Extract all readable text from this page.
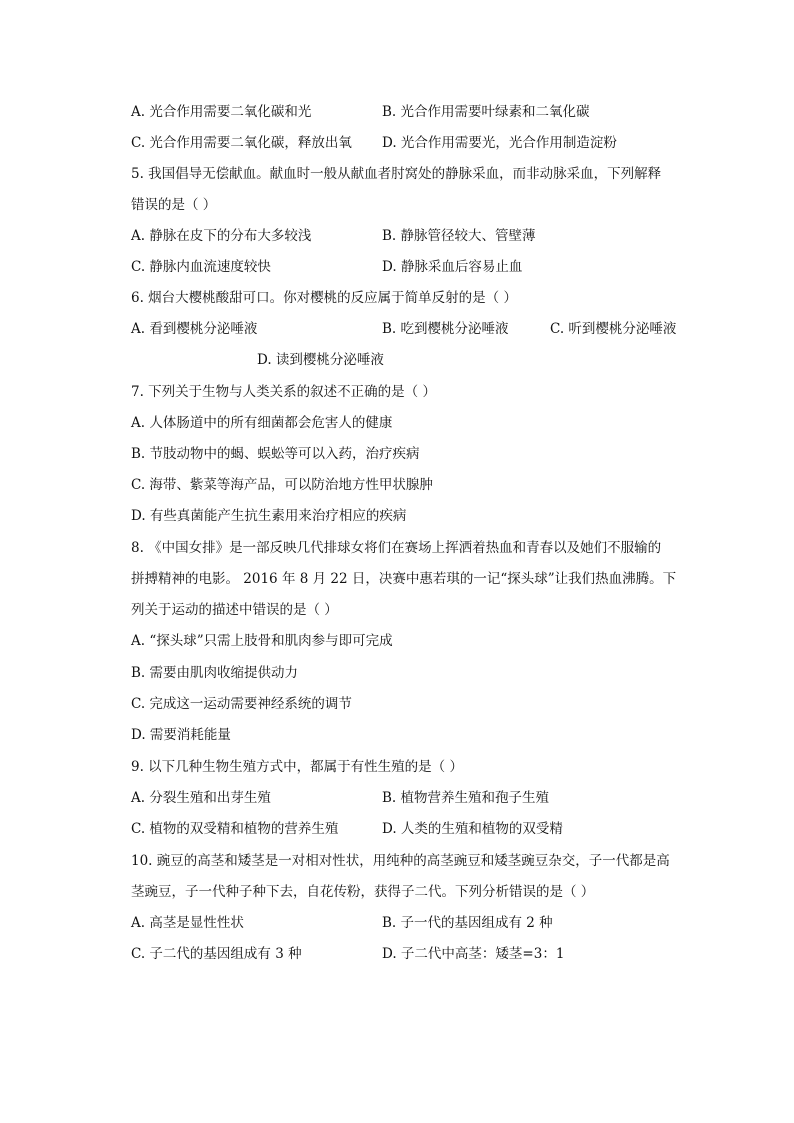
A. 光合作用需要二氧化碳和光	B. 光合作用需要叶绿素和二氧化碳
C. 光合作用需要二氧化碳，释放出氧 D. 光合作用需要光，光合作用制造淀粉
5. 我国倡导无偿献血。献血时一般从献血者肘窝处的静脉采血，而非动脉采血，下列解释
错误的是（ ）
A. 静脉在皮下的分布大多较浅	B. 静脉管径较大、管壁薄
C. 静脉内血流速度较快	D. 静脉采血后容易止血
6. 烟台大樱桃酸甜可口。你对樱桃的反应属于简单反射的是（ ）
A. 看到樱桃分泌唾液	B. 吃到樱桃分泌唾液	C. 听到樱桃分泌唾液
D. 读到樱桃分泌唾液
7. 下列关于生物与人类关系的叙述不正确的是（ ）
A. 人体肠道中的所有细菌都会危害人的健康
B. 节肢动物中的蝎、蜈蚣等可以入药，治疗疾病
C. 海带、紫菜等海产品，可以防治地方性甲状腺肿
D. 有些真菌能产生抗生素用来治疗相应的疾病
8. 《中国女排》是一部反映几代排球女将们在赛场上挥洒着热血和青春以及她们不服输的
拼搏精神的电影。 2016 年 8 月 22 日，决赛中惠若琪的一记“探头球”让我们热血沸腾。下
列关于运动的描述中错误的是（ ）
A. “探头球”只需上肢骨和肌肉参与即可完成
B. 需要由肌肉收缩提供动力
C. 完成这一运动需要神经系统的调节
D. 需要消耗能量
9. 以下几种生物生殖方式中，都属于有性生殖的是（ ）
A. 分裂生殖和出芽生殖	B. 植物营养生殖和孢子生殖
C. 植物的双受精和植物的营养生殖	D. 人类的生殖和植物的双受精
10. 豌豆的高茎和矮茎是一对相对性状，用纯种的高茎豌豆和矮茎豌豆杂交，子一代都是高
茎豌豆，子一代种子种下去，自花传粉，获得子二代。下列分析错误的是（ ）
A. 高茎是显性性状	B. 子一代的基因组成有 2 种
C. 子二代的基因组成有 3 种	D. 子二代中高茎：矮茎=3：1
